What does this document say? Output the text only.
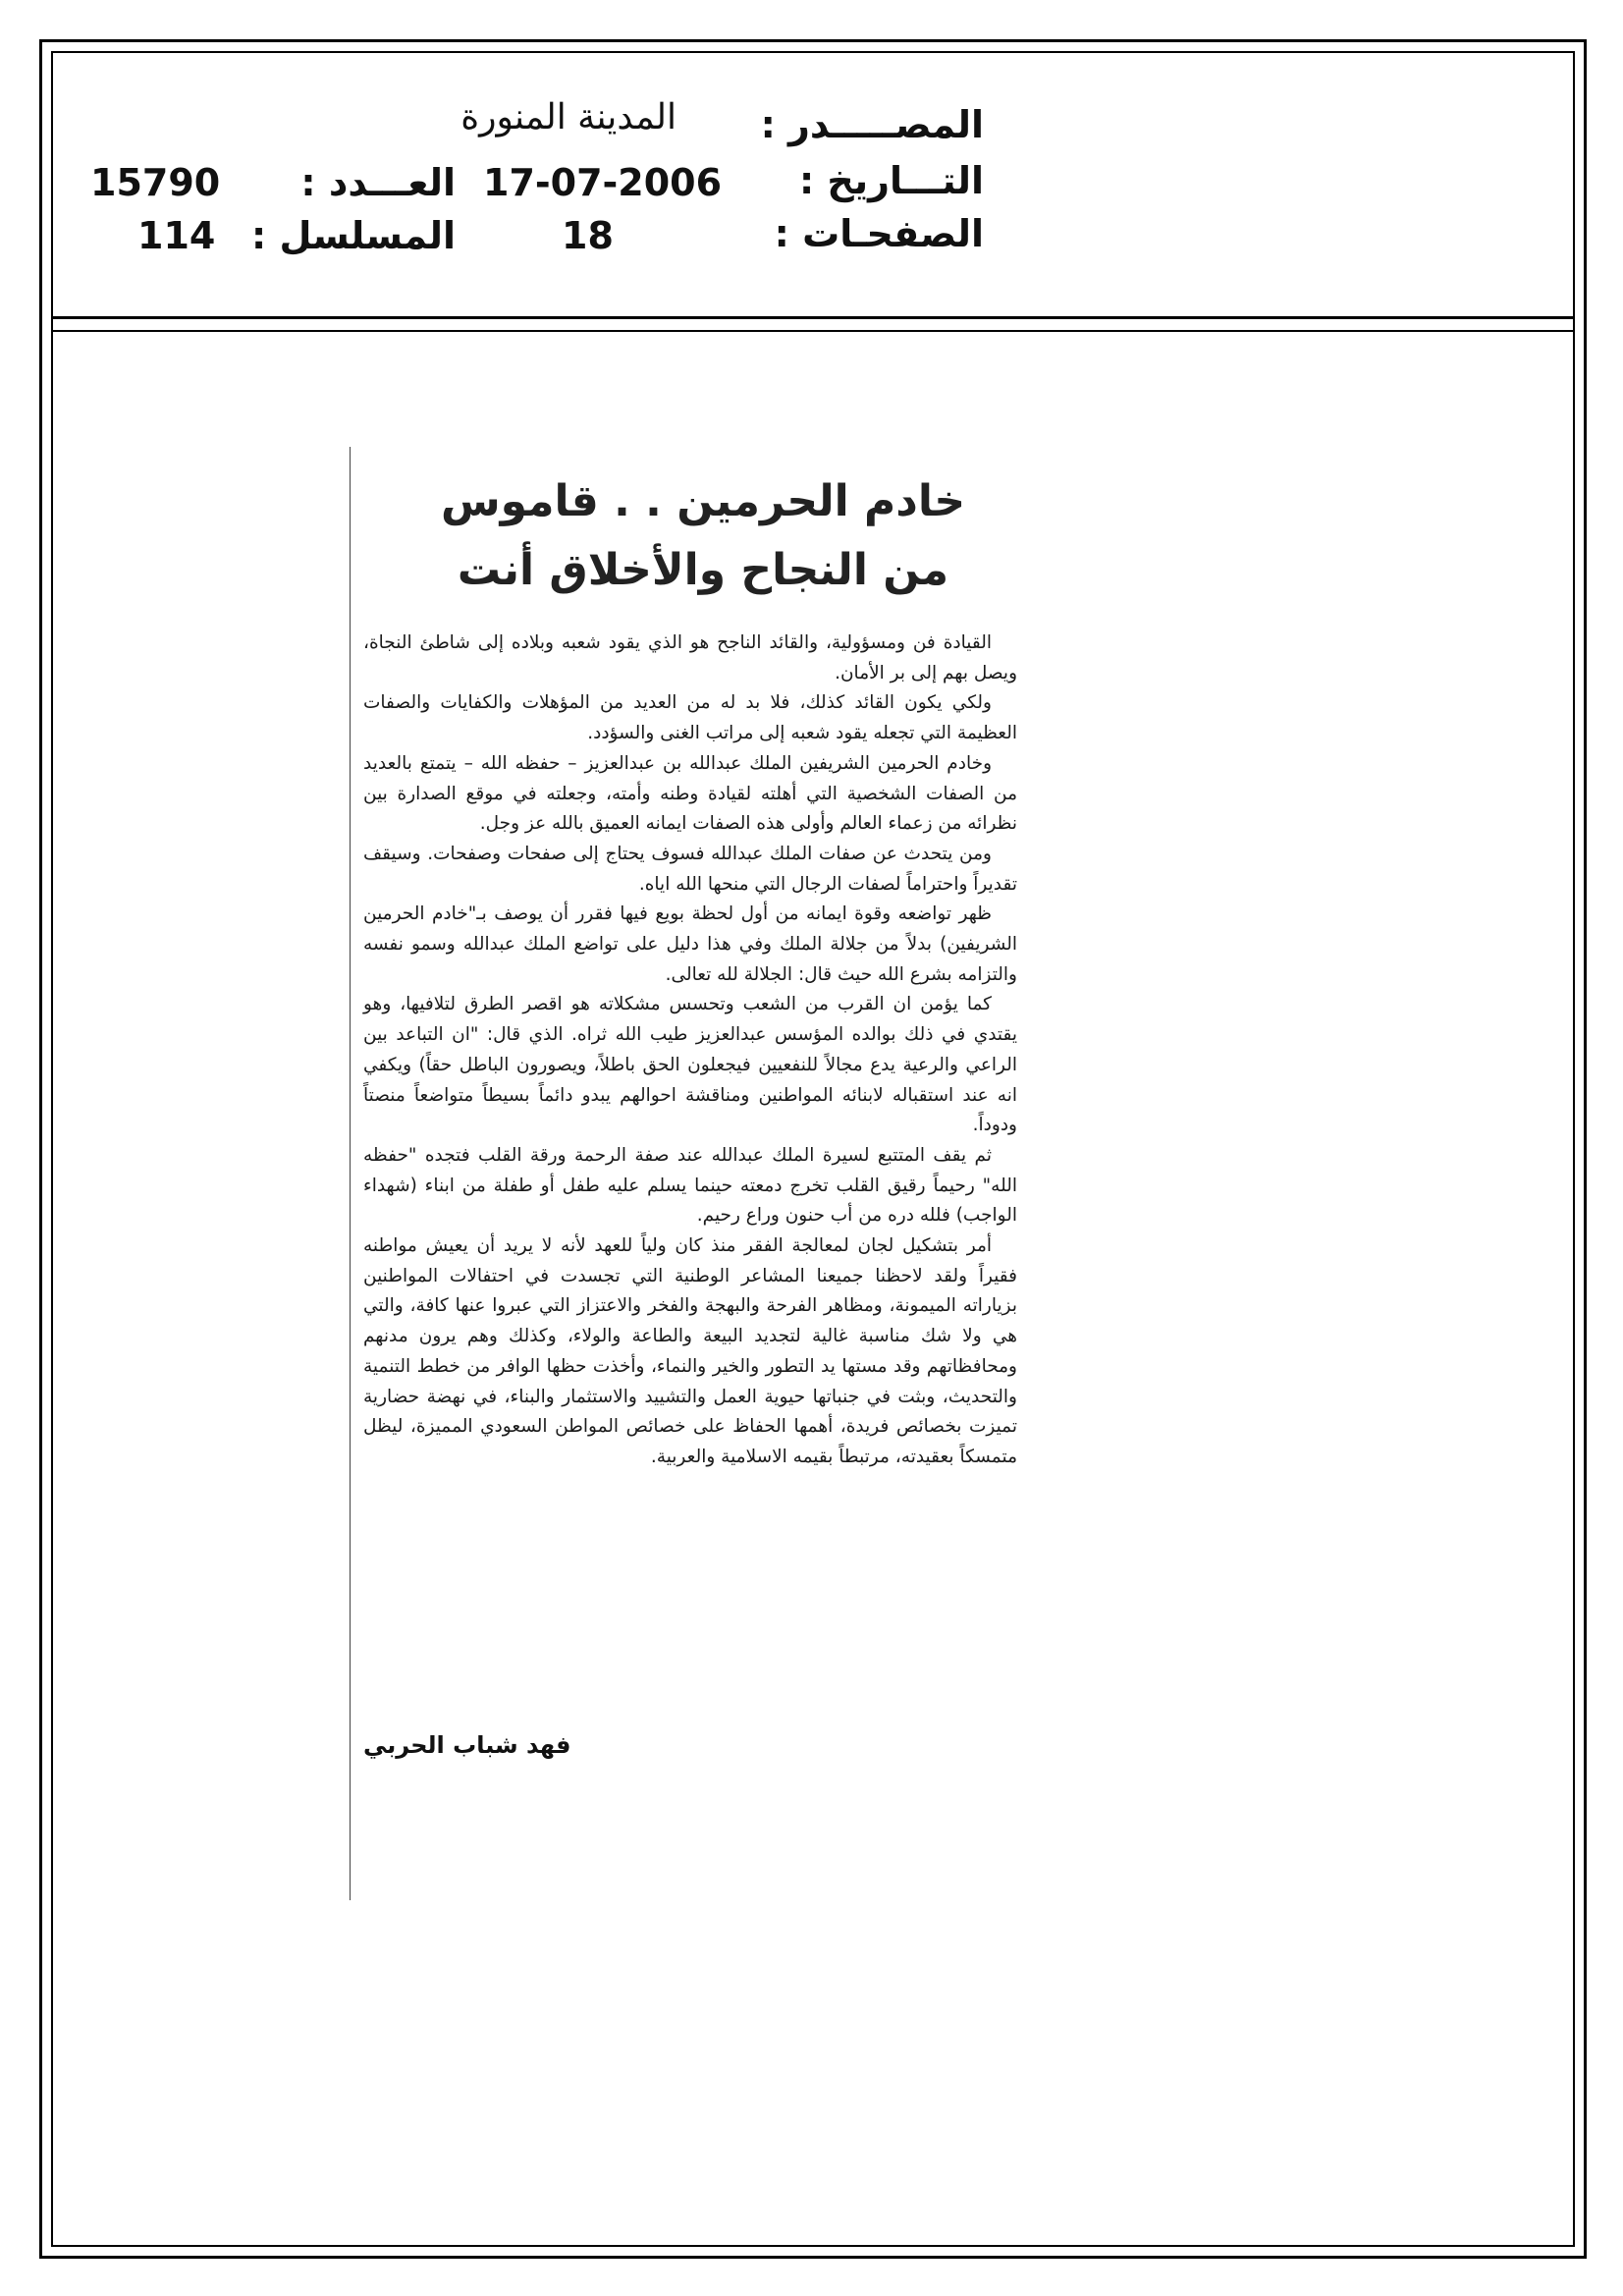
المصـــــدر :
المدينة المنورة
التـــاريخ :
17-07-2006
العـــدد :
15790
الصفحـات :
18
المسلسل :
114
خادم الحرمين . . قاموس
من النجاح والأخلاق أنت

القيادة فن ومسؤولية، والقائد الناجح هو الذي يقود شعبه وبلاده إلى شاطئ النجاة، ويصل بهم إلى بر الأمان.

ولكي يكون القائد كذلك، فلا بد له من العديد من المؤهلات والكفايات والصفات العظيمة التي تجعله يقود شعبه إلى مراتب الغنى والسؤدد.

وخادم الحرمين الشريفين الملك عبدالله بن عبدالعزيز – حفظه الله – يتمتع بالعديد من الصفات الشخصية التي أهلته لقيادة وطنه وأمته، وجعلته في موقع الصدارة بين نظرائه من زعماء العالم وأولى هذه الصفات ايمانه العميق بالله عز وجل.

ومن يتحدث عن صفات الملك عبدالله فسوف يحتاج إلى صفحات وصفحات. وسيقف تقديراً واحتراماً لصفات الرجال التي منحها الله اياه.

ظهر تواضعه وقوة ايمانه من أول لحظة بويع فيها فقرر أن يوصف بـ"خادم الحرمين الشريفين) بدلاً من جلالة الملك وفي هذا دليل على تواضع الملك عبدالله وسمو نفسه والتزامه بشرع الله حيث قال: الجلالة لله تعالى.

كما يؤمن ان القرب من الشعب وتحسس مشكلاته هو اقصر الطرق لتلافيها، وهو يقتدي في ذلك بوالده المؤسس عبدالعزيز طيب الله ثراه. الذي قال: "ان التباعد بين الراعي والرعية يدع مجالاً للنفعيين فيجعلون الحق باطلاً، ويصورون الباطل حقاً) ويكفي انه عند استقباله لابنائه المواطنين ومناقشة احوالهم يبدو دائماً بسيطاً متواضعاً منصتاً ودوداً.

ثم يقف المتتبع لسيرة الملك عبدالله عند صفة الرحمة ورقة القلب فتجده "حفظه الله" رحيماً رقيق القلب تخرج دمعته حينما يسلم عليه طفل أو طفلة من ابناء (شهداء الواجب) فلله دره من أب حنون وراع رحيم.

أمر بتشكيل لجان لمعالجة الفقر منذ كان ولياً للعهد لأنه لا يريد أن يعيش مواطنه فقيراً ولقد لاحظنا جميعنا المشاعر الوطنية التي تجسدت في احتفالات المواطنين بزياراته الميمونة، ومظاهر الفرحة والبهجة والفخر والاعتزاز التي عبروا عنها كافة، والتي هي ولا شك مناسبة غالية لتجديد البيعة والطاعة والولاء، وكذلك وهم يرون مدنهم ومحافظاتهم وقد مستها يد التطور والخير والنماء، وأخذت حظها الوافر من خطط التنمية والتحديث، وبثت في جنباتها حيوية العمل والتشييد والاستثمار والبناء، في نهضة حضارية تميزت بخصائص فريدة، أهمها الحفاظ على خصائص المواطن السعودي المميزة، ليظل متمسكاً بعقيدته، مرتبطاً بقيمه الاسلامية والعربية.

فهد شباب الحربي
